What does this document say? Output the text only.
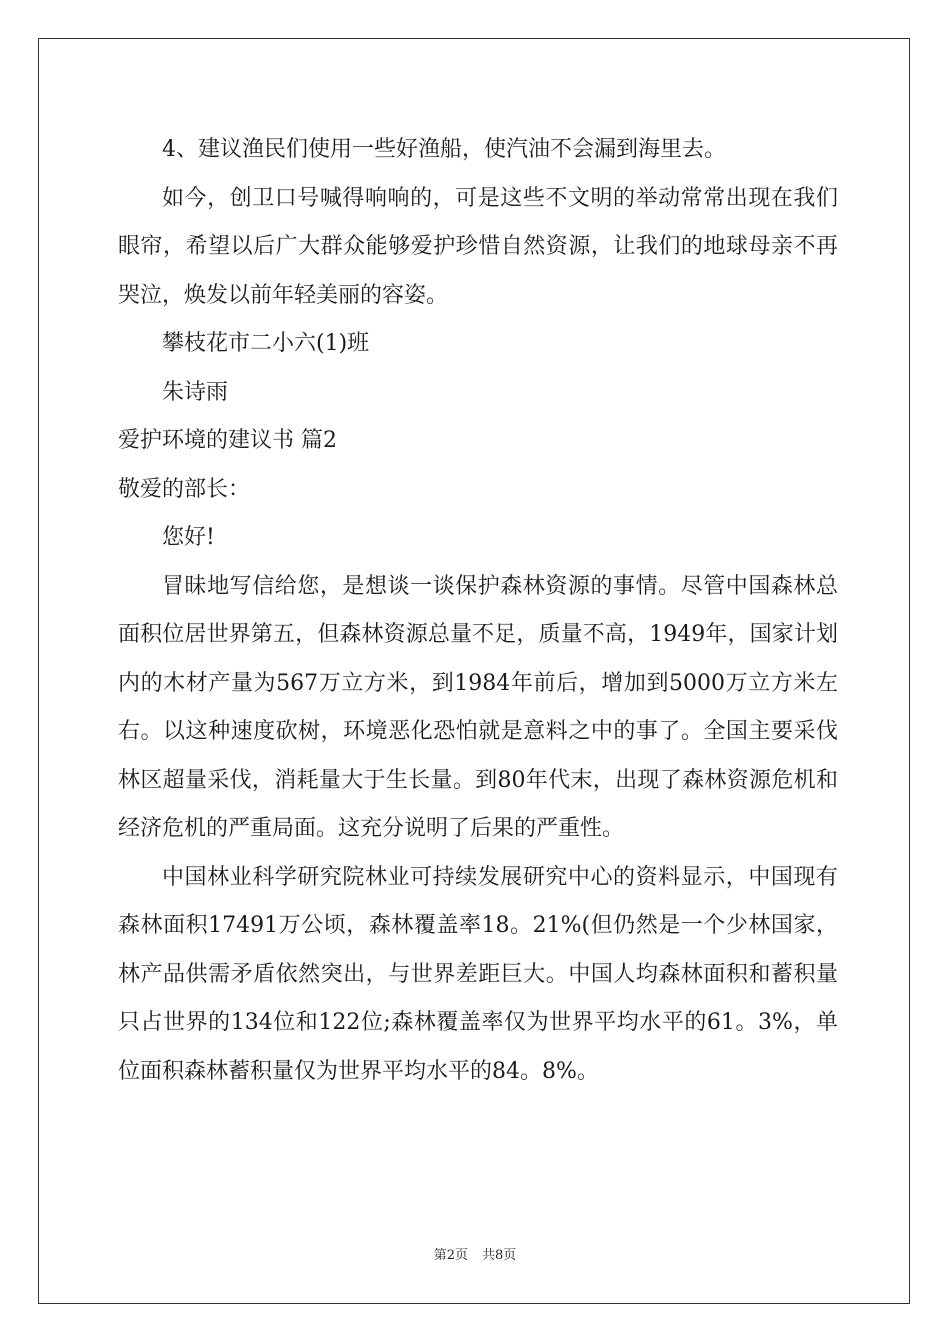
4、建议渔民们使用一些好渔船，使汽油不会漏到海里去。

如今，创卫口号喊得响响的，可是这些不文明的举动常常出现在我们眼帘，希望以后广大群众能够爱护珍惜自然资源，让我们的地球母亲不再哭泣，焕发以前年轻美丽的容姿。

攀枝花市二小六(1)班

朱诗雨

爱护环境的建议书 篇2

敬爱的部长：

您好!

冒昧地写信给您，是想谈一谈保护森林资源的事情。尽管中国森林总面积位居世界第五，但森林资源总量不足，质量不高，1949年，国家计划内的木材产量为567万立方米，到1984年前后，增加到5000万立方米左右。以这种速度砍树，环境恶化恐怕就是意料之中的事了。全国主要采伐林区超量采伐，消耗量大于生长量。到80年代末，出现了森林资源危机和经济危机的严重局面。这充分说明了后果的严重性。

中国林业科学研究院林业可持续发展研究中心的资料显示，中国现有森林面积17491万公顷，森林覆盖率18。21%(但仍然是一个少林国家，林产品供需矛盾依然突出，与世界差距巨大。中国人均森林面积和蓄积量只占世界的134位和122位;森林覆盖率仅为世界平均水平的61。3%，单位面积森林蓄积量仅为世界平均水平的84。8%。

第2页 共8页
